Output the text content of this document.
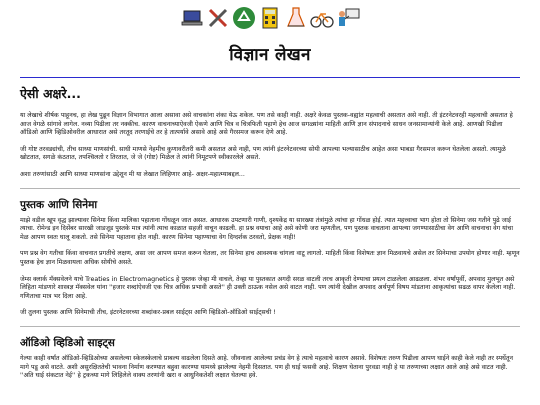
विज्ञान लेखन
ऐसी अक्षरे...

या लेखाचे शीर्षक पाहूनच, हा लेख पुढून विज्ञान विभागात आला असावा असे वाचकांना शंका येऊ शकेल. पण तसे काही नाही. अक्षरे केवळ पुस्तक-वह्यांत महत्वाची असतात असे नाही. ती इंटरनेटवरही महत्वाची असतात हे आज वेगळे सांगावे लागेल. नव्या पिढीला तर नक्कीच. कारण वाचनाच्याऐवजी ऐकणे आणि चित्र व चित्रफिती पहाणे हेच आज सगळ्यांना माहिती आणि ज्ञान संपादनाचे साधन जनसामान्यांनी केले आहे. आणखी पिढीला ऑडिओ आणि व्हिडिओवरील आधारात असे तरतूद तरणाईचे तर हे तात्पर्यावे असावे आहे असे गैरसमज करून देणे आहे.

जी गोष्ट तरवड्यांची, तीच साध्या माणसांची. साधी माणसे नेहमीच कुणावरीतरी कमी असतात असे नाही, पण त्यांनी इंटरनेटवरच्या सोयी आपल्या भल्यासाठीच आहेत असा भाबडा गैरसमज करून घेतलेला असतो. त्यामुळे खोटतात, सगळे कंठतात, तपश्चिलतो र तिरतात, जे जे (गोष्ट) मिळेल ते त्यांनी निमूटपणे स्वीकारलेले असते.

अशा तरुणांसाठी आणि साध्या माणसांना उद्देशून मी या लेखात लिहिणार आहे- अक्षर-महात्म्याबद्दल...

पुस्तक आणि सिनेमा

माझे वडील खूप वृद्ध झाल्यावर सिनेमा किंवा मालिका पहाताना गोंधळून जात असत. आधारक उपटणारी गाणी, दृश्यकेंद्र या सारख्या तंत्रांमुळे त्यांचा हा गोंधळ होई. त्यात महत्त्वाचा भाग होता तो सिनेमा जस गतीने पुढे जाई त्याचा. रोमेन्ड इन दिसेंबर सारखी जाडजूड पुस्तके मात्र त्यांनी त्याच काळात सहजी वाचून काढली. हा प्रश्न वयाचा आहे असे कोणी जरा म्हणतील, पण पुस्तक वाचताना आपल्या जगण्यासाठीचा वेग आणि वाचनाचा वेग यांचा मेळ आपण स्वतः घालू शकतो. तसे सिनेमा पहाताना होत नाही. कारण सिनेमा पहाण्याचा वेग दिग्दर्शक ठरवतो, प्रेक्षक नाही!

पण प्रश्न वेग गतीचा किंवा वाचनात प्रगतीचे लक्षण, असा जर आपण समज करून घेतला, तर सिनेमा हाच आवश्यक चांगला वाटू लागतो. माहिती किंवा विशेषतः ज्ञान मिळवायचे असेल तर सिनेमाचा उपयोग होणार नाही. म्हणून पुस्तक हेच ज्ञान मिळवायला अधिक सोयीचे असते.

जेम्स क्लार्क मॅक्सवेलने याचे Treaties in Electromagnetics हे पुस्तक जेव्हा मी वाचले, तेव्हा या पुस्तकात अगदी सरळ वाटली तरच आकृती देण्याचा प्रयत्न टाळलेला आढळला. शंभर वर्षांपूर्वी, अपवाद मुलभूत असे लिहिता मांडणारे शास्त्रज्ञ मॅक्सवेल यांना ''हजार शब्दांऐवजी एक चित्र अधिक प्रभावी असते'' ही उक्ती ठाऊक नसेल असे वाटत नाही. पण त्यांनी देखील अपवाद अर्थपूर्ण विषय मांडताना आकृत्यांचा सढळ वापर केलेला नाही. गणिताचा मात्र भर दिला आहे.

जी तुलना पुस्तक आणि सिनेमाची तीच, इंटरनेटवरच्या शब्दांकर-प्रबल साईट्स आणि व्हिडिओ-ऑडिओ साईट्सची !

ऑडिओ व्हिडिओ साइट्स

गेल्या काही वर्षांत ऑडिओ-व्हिडिओच्या असलेल्या स्केलस्केलाचे प्राबल्य वाढलेला दिसते आहे. जीवनाला आलेल्या प्रचंड वेग हे त्याचे महत्वाचे कारण असावे. विशेषतः तरुण पिढीला आपण घाईने काही केले नाही तर स्पर्धेतून मागे पडू असे वाटते. अशी असुरक्षिततेची भावना निर्माण करण्यात बहुवा कारण्या यामध्ये झालेल्या नेहमी दिसतात. पण ही घाई फसवी आहे. शिक्षण घेताना पुरवडा नाही हे या तरुणाच्या लक्षात आले आहे असे वाटत नाही. ''अति घाई संकटात नेई'' हे ट्रकच्या मागे लिहिलेले वाक्य तरणांनी खरा व आधुनिकतेशी लक्षात घेतल्या हवे.
